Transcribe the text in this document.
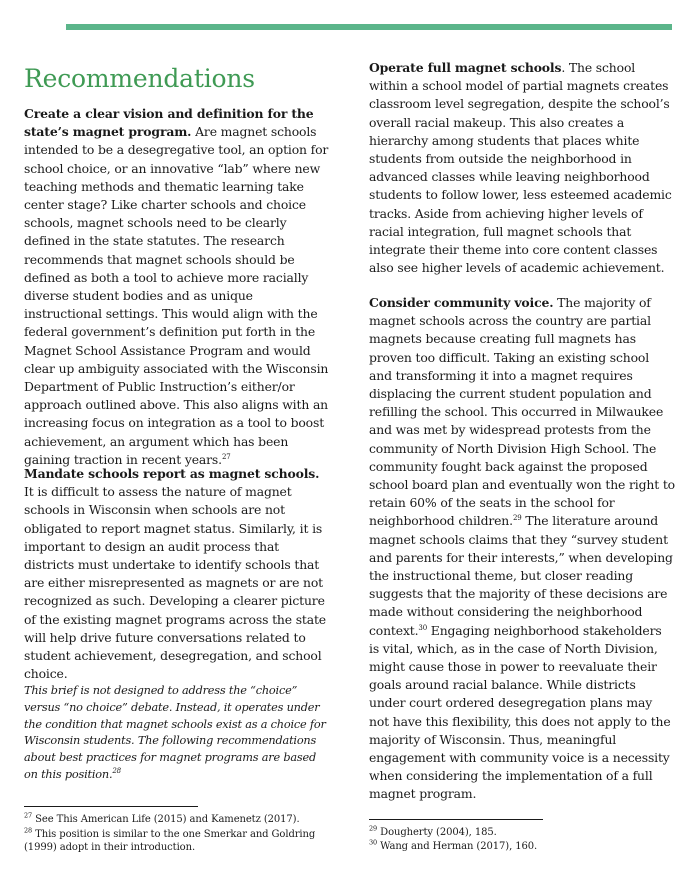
Recommendations

Create a clear vision and definition for the state’s magnet program. Are magnet schools intended to be a desegregative tool, an option for school choice, or an innovative “lab” where new teaching methods and thematic learning take center stage? Like charter schools and choice schools, magnet schools need to be clearly defined in the state statutes. The research recommends that magnet schools should be defined as both a tool to achieve more racially diverse student bodies and as unique instructional settings. This would align with the federal government’s definition put forth in the Magnet School Assistance Program and would clear up ambiguity associated with the Wisconsin Department of Public Instruction’s either/or approach outlined above. This also aligns with an increasing focus on integration as a tool to boost achievement, an argument which has been gaining traction in recent years.$^{27}$

Mandate schools report as magnet schools. It is difficult to assess the nature of magnet schools in Wisconsin when schools are not obligated to report magnet status. Similarly, it is important to design an audit process that districts must undertake to identify schools that are either misrepresented as magnets or are not recognized as such. Developing a clearer picture of the existing magnet programs across the state will help drive future conversations related to student achievement, desegregation, and school choice.

This brief is not designed to address the “choice” versus “no choice” debate. Instead, it operates under the condition that magnet schools exist as a choice for Wisconsin students. The following recommendations about best practices for magnet programs are based on this position.$^{28}$

$^{27}$ See This American Life (2015) and Kamenetz (2017).

$^{28}$ This position is similar to the one Smerkar and Goldring (1999) adopt in their introduction.

Operate full magnet schools. The school within a school model of partial magnets creates classroom level segregation, despite the school’s overall racial makeup. This also creates a hierarchy among students that places white students from outside the neighborhood in advanced classes while leaving neighborhood students to follow lower, less esteemed academic tracks. Aside from achieving higher levels of racial integration, full magnet schools that integrate their theme into core content classes also see higher levels of academic achievement.

Consider community voice. The majority of magnet schools across the country are partial magnets because creating full magnets has proven too difficult. Taking an existing school and transforming it into a magnet requires displacing the current student population and refilling the school. This occurred in Milwaukee and was met by widespread protests from the community of North Division High School. The community fought back against the proposed school board plan and eventually won the right to retain 60% of the seats in the school for neighborhood children.$^{29}$ The literature around magnet schools claims that they “survey student and parents for their interests,” when developing the instructional theme, but closer reading suggests that the majority of these decisions are made without considering the neighborhood context.$^{30}$ Engaging neighborhood stakeholders is vital, which, as in the case of North Division, might cause those in power to reevaluate their goals around racial balance. While districts under court ordered desegregation plans may not have this flexibility, this does not apply to the majority of Wisconsin. Thus, meaningful engagement with community voice is a necessity when considering the implementation of a full magnet program.

$^{29}$ Dougherty (2004), 185.

$^{30}$ Wang and Herman (2017), 160.
